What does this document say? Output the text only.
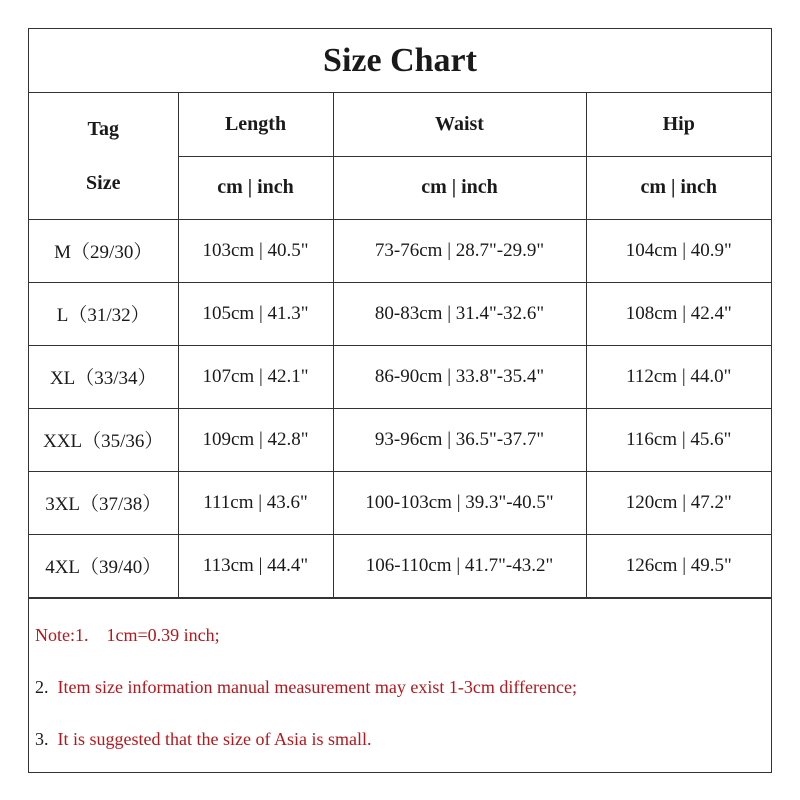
Size Chart
Tag
Size	Length	Waist	Hip
	cm | inch	cm | inch	cm | inch
M（29/30）	103cm | 40.5"	73-76cm | 28.7"-29.9"	104cm | 40.9"
L（31/32）	105cm | 41.3"	80-83cm | 31.4"-32.6"	108cm | 42.4"
XL（33/34）	107cm | 42.1"	86-90cm | 33.8"-35.4"	112cm | 44.0"
XXL（35/36）	109cm | 42.8"	93-96cm | 36.5"-37.7"	116cm | 45.6"
3XL（37/38）	111cm | 43.6"	100-103cm | 39.3"-40.5"	120cm | 47.2"
4XL（39/40）	113cm | 44.4"	106-110cm | 41.7"-43.2"	126cm | 49.5"
Note:1.    1cm=0.39 inch;
2.  Item size information manual measurement may exist 1-3cm difference;
3.  It is suggested that the size of Asia is small.
